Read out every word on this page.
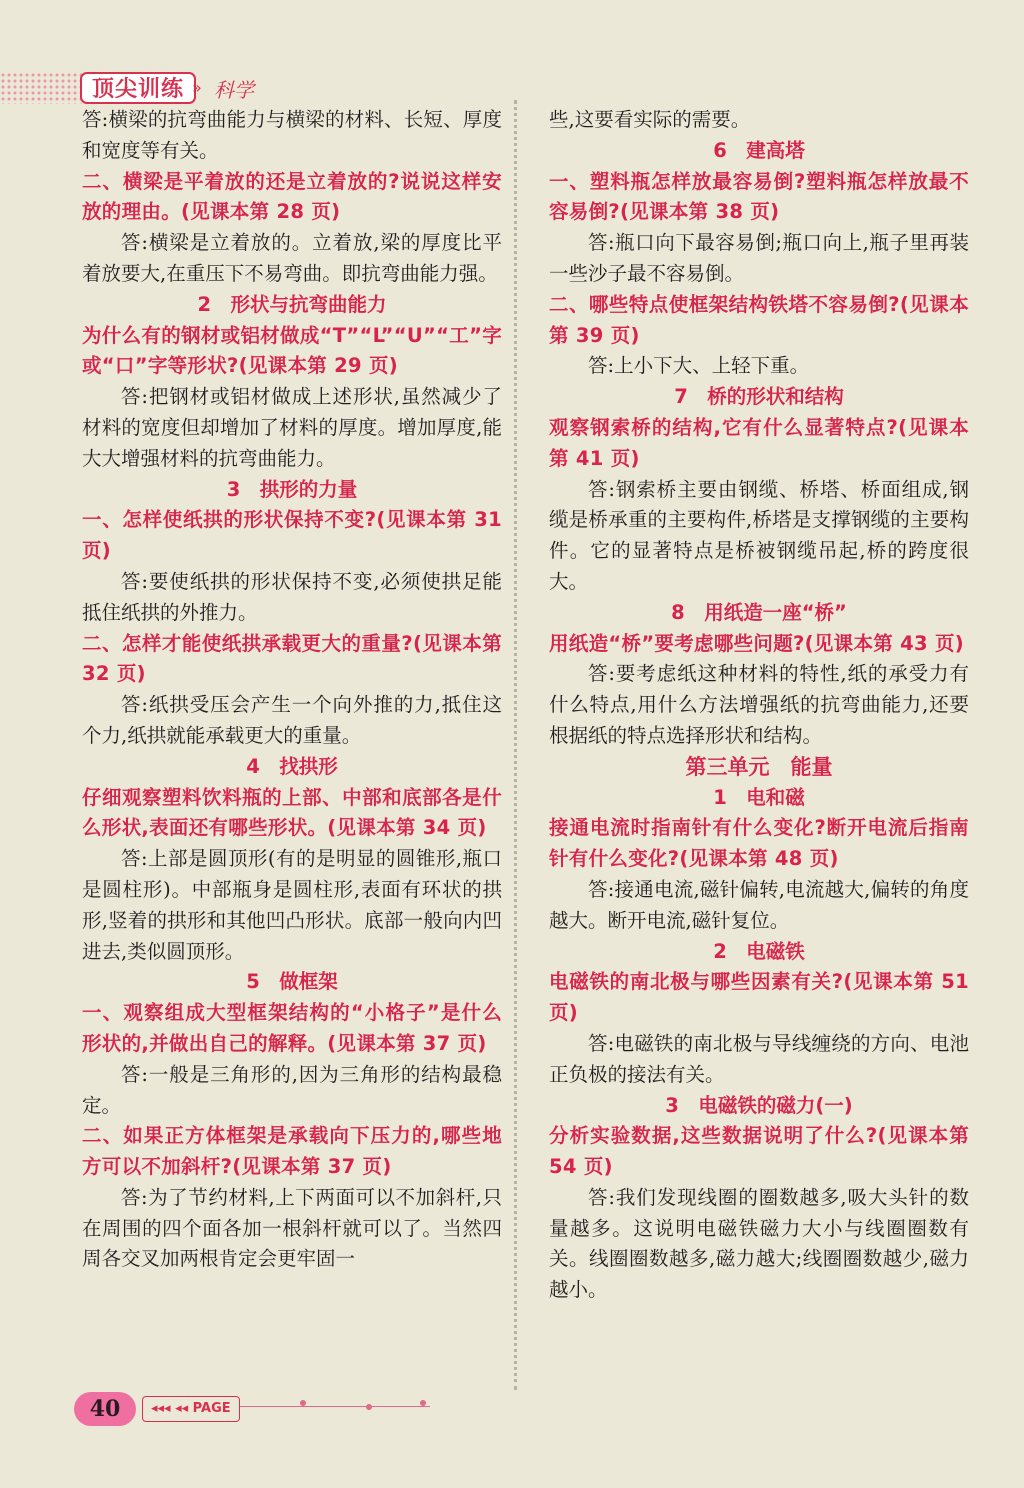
顶尖训练 » 科学

答:横梁的抗弯曲能力与横梁的材料、长短、厚度和宽度等有关。

二、横梁是平着放的还是立着放的?说说这样安放的理由。(见课本第 28 页)

答:横梁是立着放的。立着放,梁的厚度比平着放要大,在重压下不易弯曲。即抗弯曲能力强。

2　形状与抗弯曲能力

为什么有的钢材或铝材做成“T”“L”“U”“工”字或“口”字等形状?(见课本第 29 页)

答:把钢材或铝材做成上述形状,虽然减少了材料的宽度但却增加了材料的厚度。增加厚度,能大大增强材料的抗弯曲能力。

3　拱形的力量

一、怎样使纸拱的形状保持不变?(见课本第 31 页)

答:要使纸拱的形状保持不变,必须使拱足能抵住纸拱的外推力。

二、怎样才能使纸拱承载更大的重量?(见课本第 32 页)

答:纸拱受压会产生一个向外推的力,抵住这个力,纸拱就能承载更大的重量。

4　找拱形

仔细观察塑料饮料瓶的上部、中部和底部各是什么形状,表面还有哪些形状。(见课本第 34 页)

答:上部是圆顶形(有的是明显的圆锥形,瓶口是圆柱形)。中部瓶身是圆柱形,表面有环状的拱形,竖着的拱形和其他凹凸形状。底部一般向内凹进去,类似圆顶形。

5　做框架

一、观察组成大型框架结构的“小格子”是什么形状的,并做出自己的解释。(见课本第 37 页)

答:一般是三角形的,因为三角形的结构最稳定。

二、如果正方体框架是承载向下压力的,哪些地方可以不加斜杆?(见课本第 37 页)

答:为了节约材料,上下两面可以不加斜杆,只在周围的四个面各加一根斜杆就可以了。当然四周各交叉加两根肯定会更牢固一

些,这要看实际的需要。

6　建高塔

一、塑料瓶怎样放最容易倒?塑料瓶怎样放最不容易倒?(见课本第 38 页)

答:瓶口向下最容易倒;瓶口向上,瓶子里再装一些沙子最不容易倒。

二、哪些特点使框架结构铁塔不容易倒?(见课本第 39 页)

答:上小下大、上轻下重。

7　桥的形状和结构

观察钢索桥的结构,它有什么显著特点?(见课本第 41 页)

答:钢索桥主要由钢缆、桥塔、桥面组成,钢缆是桥承重的主要构件,桥塔是支撑钢缆的主要构件。它的显著特点是桥被钢缆吊起,桥的跨度很大。

8　用纸造一座“桥”

用纸造“桥”要考虑哪些问题?(见课本第 43 页)

答:要考虑纸这种材料的特性,纸的承受力有什么特点,用什么方法增强纸的抗弯曲能力,还要根据纸的特点选择形状和结构。

第三单元　能量

1　电和磁

接通电流时指南针有什么变化?断开电流后指南针有什么变化?(见课本第 48 页)

答:接通电流,磁针偏转,电流越大,偏转的角度越大。断开电流,磁针复位。

2　电磁铁

电磁铁的南北极与哪些因素有关?(见课本第 51 页)

答:电磁铁的南北极与导线缠绕的方向、电池正负极的接法有关。

3　电磁铁的磁力(一)

分析实验数据,这些数据说明了什么?(见课本第 54 页)

答:我们发现线圈的圈数越多,吸大头针的数量越多。这说明电磁铁磁力大小与线圈圈数有关。线圈圈数越多,磁力越大;线圈圈数越少,磁力越小。

40	◂◂◂ ◂◂ PAGE
